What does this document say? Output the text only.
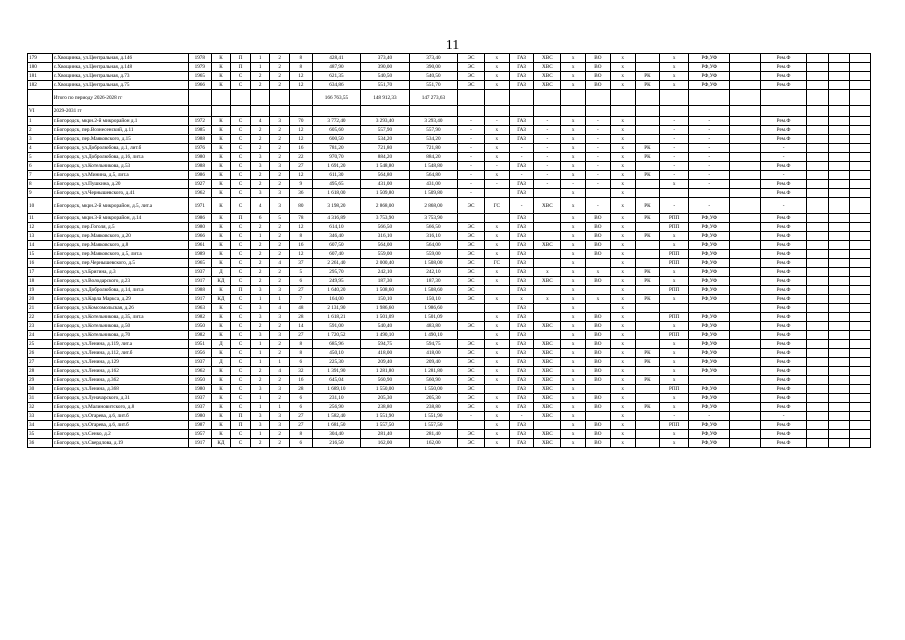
11
179	с.Хвощинка, ул.Центральная, д.146	1978	К	П	1	2	8	428,41	373,40	373,40	ЭС	х	ГАЗ	ХВС	х	ВО	х		х	РФ,УФ		Рем.Ф			
180	с.Хвощинка, ул.Центральная, д.148	1979	К	П	1	2	8	487,90	390,00	390,00	ЭС	х	ГАЗ	ХВС	х	ВО	х		х	РФ,УФ		Рем.Ф			
181	с.Хвощинка, ул.Центральная, д.73	1965	К	С	2	2	12	621,35	540,50	540,50	ЭС	х	ГАЗ	ХВС	х	ВО	х	РК	х	РФ,УФ		Рем.Ф			
182	с.Хвощинка, ул.Центральная, д.75	1966	К	С	2	2	12	634,86	551,70	551,70	ЭС	х	ГАЗ	ХВС	х	ВО	х	РК	х	РФ,УФ		Рем.Ф			
	Итого по периоду 2026-2028 гг							166 763,55	148 912,33	147 273,63															
VI	2029-2031 гг																								
1	г.Богородск, мкрн.2-й микрорайон д.1	1972	К	С	4	3	70	3 772,40	3 293,40	3 293,40	-	-	ГАЗ	-	х	-	х		-	-		Рем.Ф			
2	г.Богородск, пер.Вознесенский, д.11	1985	К	С	2	2	12	605,60	557,90	557,90	-	х	ГАЗ	-	х	-	х		-	-		Рем.Ф			
3	г.Богородск, пер.Маяковского, д.15	1988	К	С	2	2	12	600,50	534,20	534,20	-	х	ГАЗ	-	х	-	х		-	-		Рем.Ф			
4	г.Богородск, ул.Добролюбова, д.1, лит.б	1976	К	С	2	2	16	781,20	721,80	721,80	-	х	-	-	х	-	х	РК	-	-		-			
5	г.Богородск, ул.Добролюбова, д.16, лит.а	1980	К	С	3	2	22	970,70	884,20	884,20	-	х	-	-	х	-	х	РК	-	-		-			
6	г.Богородск, ул.Котельникова, д.53	1988	К	С	3	3	27	1 691,20	1 548,80	1 548,80	-	-	ГАЗ	-	х	-	х		-	-		Рем.Ф			
7	г.Богородск, ул.Минина, д.5, лит.а	1986	К	С	2	2	12	611,30	564,80	564,80	-	х	-	-	х	-	х	РК	-	-		-			
8	г.Богородск, ул.Пушкина, д.20	1927	К	С	2	2	9	495,65	431,00	431,00	-	-	ГАЗ	-	-	-	х		х	-		Рем.Ф			
9	г.Богородск, ул.Чернышевского, д.41	1962	К	С	3	3	36	1 618,00	1 509,80	1 509,80	-		ГАЗ		х		х					Рем.Ф			
10	г.Богородск, мкрн.2-й микрорайон, д.5, лит.а	1971	К	С	4	3	80	3 198,20	2 868,00	2 868,00	ЭС	ГС	-	ХВС	х	-	х	РК	-	-		-			
11	г.Богородск, мкрн.3-й микрорайон, д.14	1986	К	П	6	5	78	4 316,89	3 753,90	3 753,90			ГАЗ		х	ВО	х	РК	РПП	РФ,УФ		Рем.Ф			
12	г.Богородск, пер.Гоголя, д.5	1980	К	С	2	2	12	614,10	566,50	566,50	ЭС	х	ГАЗ		х	ВО	х		РПП	РФ,УФ		Рем.Ф			
13	г.Богородск, пер.Маяковского, д.20	1966	К	С	1	2	8	346,40	316,10	316,10	ЭС	х	ГАЗ		х	ВО	х	РК	х	РФ,УФ		Рем.Ф			
14	г.Богородск, пер.Маяковского, д.8	1961	К	С	2	2	16	607,50	564,00	564,00	ЭС	х	ГАЗ	ХВС	х	ВО	х		х	РФ,УФ		Рем.Ф			
15	г.Богородск, пер.Маяковского, д.5, лит.а	1989	К	С	2	2	12	607,40	559,00	559,00	ЭС	х	ГАЗ		х	ВО	х		РПП	РФ,УФ		Рем.Ф			
16	г.Богородск, пер.Чернышевского, д.5	1965	К	С	2	4	37	2 261,40	2 000,40	1 508,00	ЭС	ГС	ГАЗ		х		х		РПП	РФ,УФ		Рем.Ф			
17	г.Богородск, ул.Бригина, д.3	1937	Д	С	2	2	5	295,70	242,10	242,10	ЭС	х	ГАЗ	х	х	х	х	РК	х	РФ,УФ		Рем.Ф			
18	г.Богородск, ул.Володарского, д.23	1917	КД	С	2	2	6	249,95	187,30	187,30	ЭС	х	ГАЗ	ХВС	х	ВО	х	РК	х	РФ,УФ		Рем.Ф			
19	г.Богородск, ул.Добролюбова, д.14, лит.а	1988	К	П	3	3	27	1 640,20	1 508,60	1 508,60	ЭС		ГАЗ		х		х		РПП	РФ,УФ		Рем.Ф			
20	г.Богородск, ул.Карла Маркса, д.29	1917	КД	С	1	1	7	164,00	150,10	150,10	ЭС	х	х	х	х	х	х	РК	х	РФ,УФ		Рем.Ф			
21	г.Богородск, ул.Комсомольская, д.26	1963	К	С	3	4	48	2 131,90	1 986,60	1 986,60			ГАЗ		х		х					Рем.Ф			
22	г.Богородск, ул.Котельникова, д.35, лит.а	1982	К	С	3	3	28	1 618,21	1 501,09	1 501,09		х	ГАЗ		х	ВО	х		РПП	РФ,УФ		Рем.Ф			
23	г.Богородск, ул.Котельникова, д.50	1950	К	С	2	2	14	591,00	540,40	483,80	ЭС	х	ГАЗ	ХВС	х	ВО	х		х	РФ,УФ		Рем.Ф			
24	г.Богородск, ул.Котельникова, д.70	1982	К	С	3	3	27	1 720,52	1 490,10	1 490,10		х	ГАЗ		х	ВО	х		РПП	РФ,УФ		Рем.Ф			
25	г.Богородск, ул.Ленина, д.119, лит.а	1951	Д	С	1	2	8	685,96	594,75	594,75	ЭС	х	ГАЗ	ХВС	х	ВО	х		х	РФ,УФ		Рем.Ф			
26	г.Богородск, ул.Ленина, д.112, лит.б	1956	К	С	1	2	8	450,10	418,00	418,00	ЭС	х	ГАЗ	ХВС	х	ВО	х	РК	х	РФ,УФ		Рем.Ф			
27	г.Богородск, ул.Ленина, д.129	1937	Д	С	1	1	6	225,30	209,40	209,40	ЭС	х	ГАЗ	ХВС	х	ВО	х	РК	х	РФ,УФ		Рем.Ф			
28	г.Богородск, ул.Ленина, д.162	1962	К	С	2	4	32	1 391,90	1 281,80	1 281,80	ЭС	х	ГАЗ	ХВС	х	ВО	х		х	РФ,УФ		Рем.Ф			
29	г.Богородск, ул.Ленина, д.362	1950	К	С	2	2	16	645,04	560,90	560,90	ЭС	х	ГАЗ	ХВС	х	ВО	х	РК	х			Рем.Ф			
30	г.Богородск, ул.Ленина, д.368	1980	К	С	3	3	28	1 689,10	1 550,00	1 550,00	ЭС		ГАЗ	ХВС	х		х		РПП	РФ,УФ		Рем.Ф			
31	г.Богородск, ул.Луначарского, д.31	1937	К	С	1	2	6	231,10	205,30	205,30	ЭС	х	ГАЗ	ХВС	х	ВО	х		х	РФ,УФ		Рем.Ф			
32	г.Богородск, ул.Малиновитского, д.8	1937	К	С	1	1	6	256,90	238,80	238,80	ЭС	х	ГАЗ	ХВС	х	ВО	х	РК	х	РФ,УФ		Рем.Ф			
33	г.Богородск, ул.Огарева, д.6, лит.б	1980	К	П	3	3	27	1 582,40	1 551,90	1 551,90	-	х	-	ХВС	х		х		-	-		-			
34	г.Богородск, ул.Огарева, д.6, лит.б	1987	К	П	3	3	27	1 681,50	1 557,50	1 557,50		х	ГАЗ		х	ВО	х		РПП	РФ,УФ		Рем.Ф			
35	г.Богородск, ул.Сенко, д.2	1957	К	С	1	2	8	304,40	281,40	281,40	ЭС	х	ГАЗ	ХВС	х	ВО	х		х	РФ,УФ		Рем.Ф			
36	г.Богородск, ул.Свердлова, д.19	1917	КД	С	2	2	6	216,50	162,00	162,00	ЭС	х	ГАЗ	ХВС	х	ВО	х		х	РФ,УФ		Рем.Ф			
